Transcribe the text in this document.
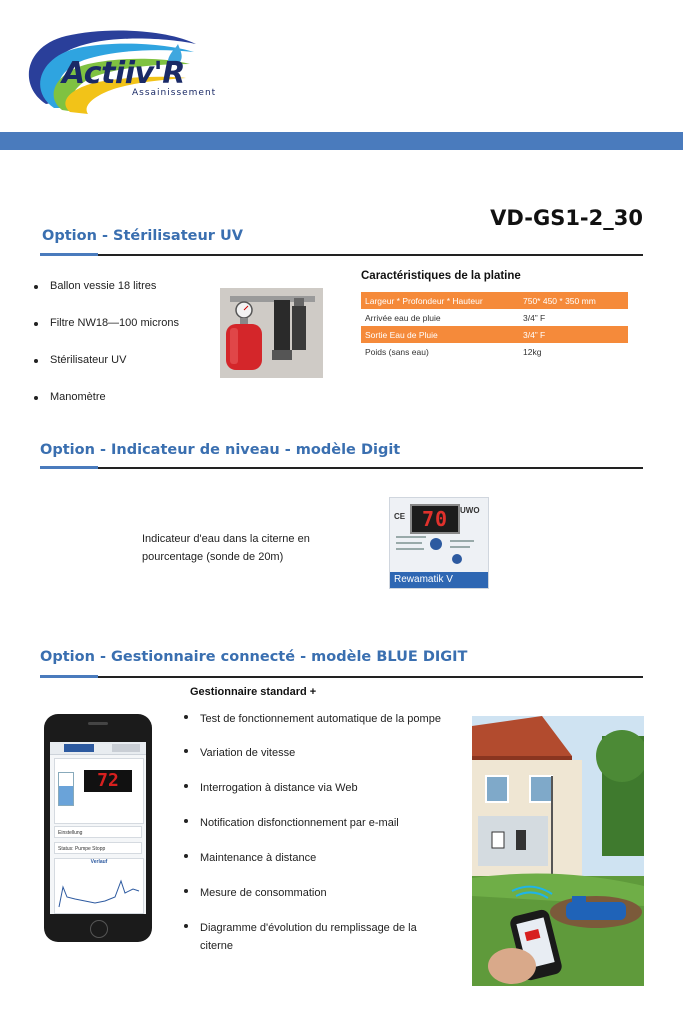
Actiiv'R
Assainissement
VD-GS1-2_30
Option - Stérilisateur UV
Ballon vessie 18 litres
Filtre NW18—100 microns
Stérilisateur UV
Manomètre
Caractéristiques de la platine
Largeur * Profondeur * Hauteur	750* 450 * 350 mm
Arrivée eau de pluie	3/4” F
Sortie Eau de Pluie	3/4” F
Poids (sans eau)	12kg
Option - Indicateur de niveau - modèle Digit
Indicateur d'eau dans la citerne en pourcentage (sonde de 20m)
CE 70	UWO
Rewamatik V
Option - Gestionnaire connecté - modèle BLUE DIGIT
Gestionnaire standard +
Test de fonctionnement automatique de la pompe
Variation de vitesse
Interrogation à distance via Web
Notification disfonctionnement par e-mail
Maintenance à distance
Mesure de consommation
Diagramme d'évolution du remplissage de la citerne
72
Einstellung
Status: Pumpe Stopp
Verlauf
